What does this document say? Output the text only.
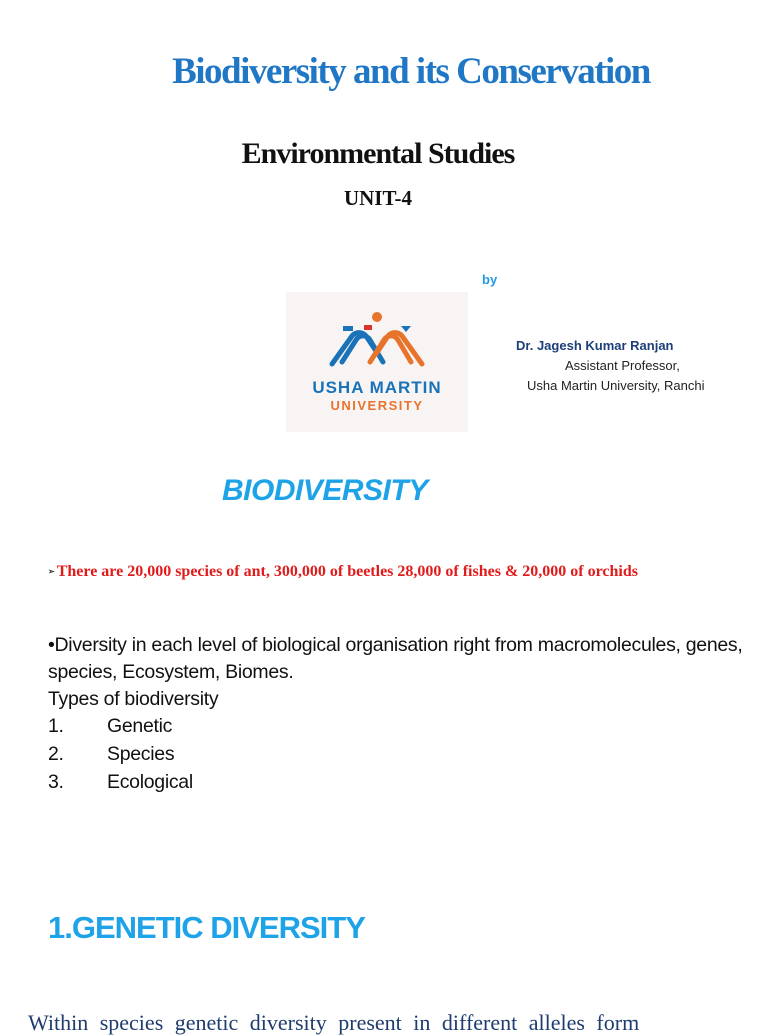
Biodiversity and its Conservation
Environmental Studies
UNIT-4
by
USHA MARTIN
UNIVERSITY
Dr. Jagesh Kumar Ranjan
Assistant Professor,
Usha Martin University, Ranchi
BIODIVERSITY
➢ There are 20,000 species of ant, 300,000 of beetles 28,000 of fishes & 20,000 of orchids
•Diversity in each level of biological organisation right from macromolecules, genes, species, Ecosystem, Biomes.
Types of biodiversity
1. Genetic
2. Species
3. Ecological
1.GENETIC DIVERSITY
Within species genetic diversity present in different alleles form
